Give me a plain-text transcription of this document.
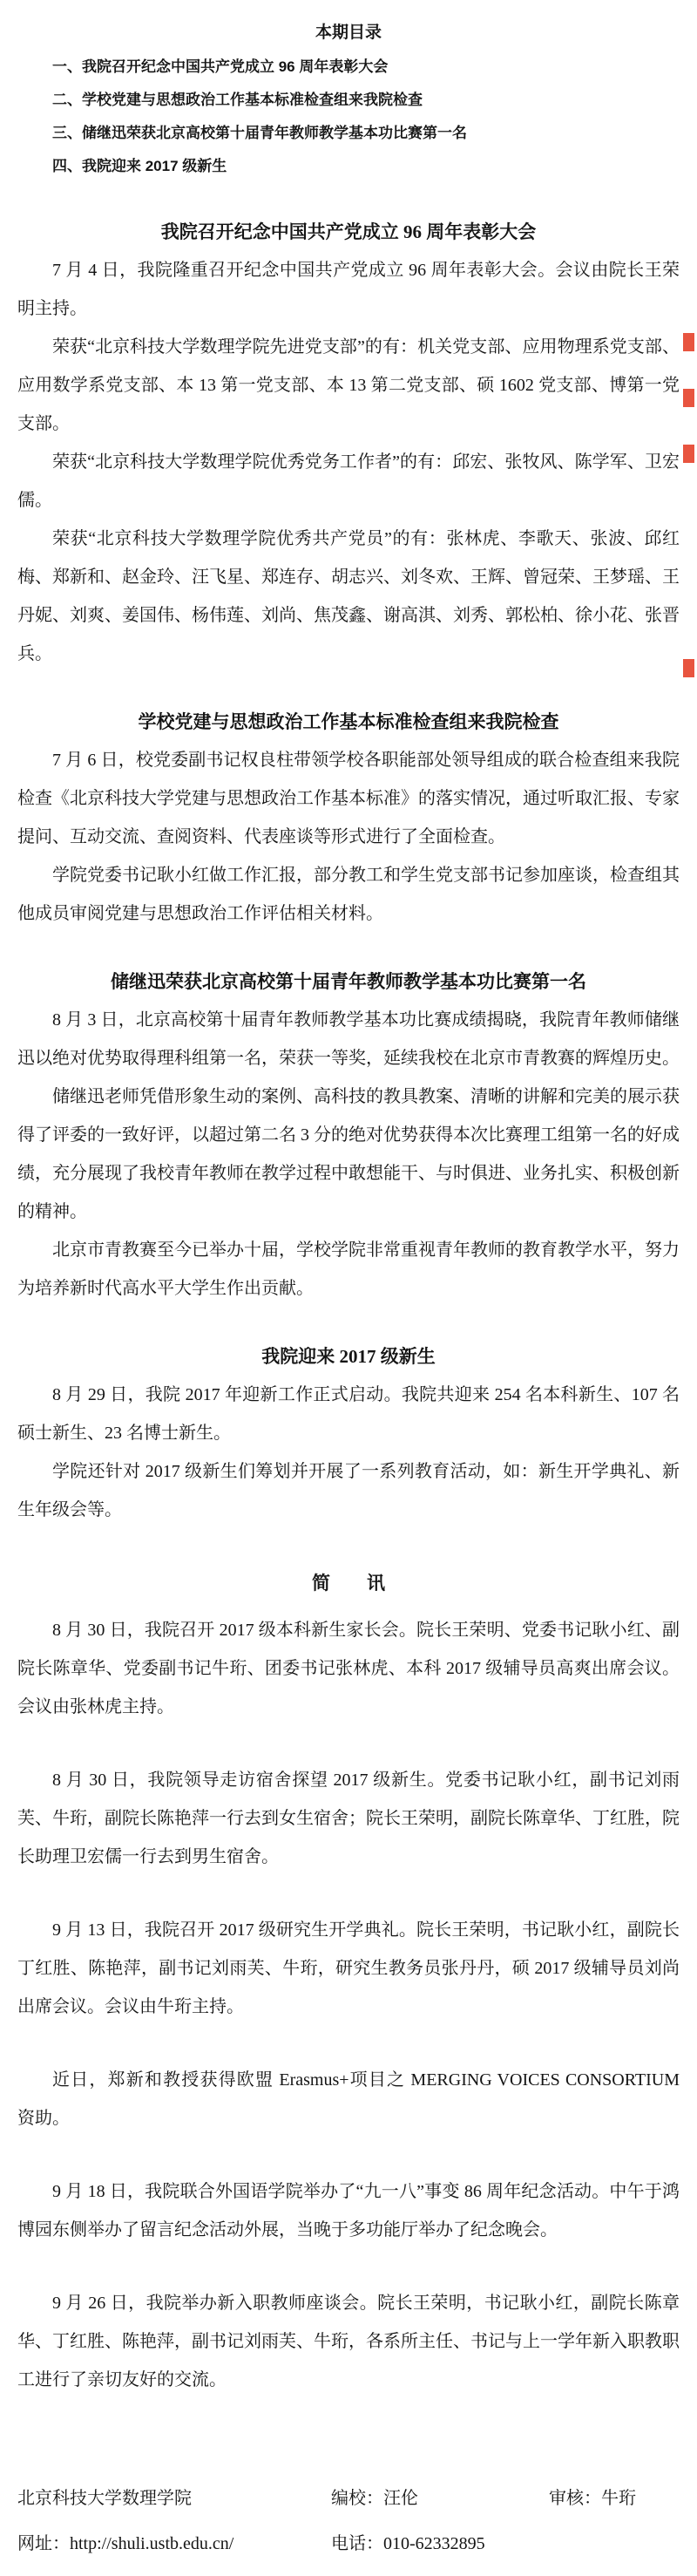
本期目录
一、我院召开纪念中国共产党成立 96 周年表彰大会
二、学校党建与思想政治工作基本标准检查组来我院检查
三、储继迅荣获北京高校第十届青年教师教学基本功比赛第一名
四、我院迎来 2017 级新生
我院召开纪念中国共产党成立 96 周年表彰大会

7 月 4 日，我院隆重召开纪念中国共产党成立 96 周年表彰大会。会议由院长王荣明主持。

荣获“北京科技大学数理学院先进党支部”的有：机关党支部、应用物理系党支部、应用数学系党支部、本 13 第一党支部、本 13 第二党支部、硕 1602 党支部、博第一党支部。

荣获“北京科技大学数理学院优秀党务工作者”的有：邱宏、张牧风、陈学军、卫宏儒。

荣获“北京科技大学数理学院优秀共产党员”的有：张林虎、李歌天、张波、邱红梅、郑新和、赵金玲、汪飞星、郑连存、胡志兴、刘冬欢、王辉、曾冠荣、王梦瑶、王丹妮、刘爽、姜国伟、杨伟莲、刘尚、焦茂鑫、谢高淇、刘秀、郭松柏、徐小花、张晋兵。

学校党建与思想政治工作基本标准检查组来我院检查

7 月 6 日，校党委副书记权良柱带领学校各职能部处领导组成的联合检查组来我院检查《北京科技大学党建与思想政治工作基本标准》的落实情况，通过听取汇报、专家提问、互动交流、查阅资料、代表座谈等形式进行了全面检查。

学院党委书记耿小红做工作汇报，部分教工和学生党支部书记参加座谈，检查组其他成员审阅党建与思想政治工作评估相关材料。

储继迅荣获北京高校第十届青年教师教学基本功比赛第一名

8 月 3 日，北京高校第十届青年教师教学基本功比赛成绩揭晓，我院青年教师储继迅以绝对优势取得理科组第一名，荣获一等奖，延续我校在北京市青教赛的辉煌历史。

储继迅老师凭借形象生动的案例、高科技的教具教案、清晰的讲解和完美的展示获得了评委的一致好评，以超过第二名 3 分的绝对优势获得本次比赛理工组第一名的好成绩，充分展现了我校青年教师在教学过程中敢想能干、与时俱进、业务扎实、积极创新的精神。

北京市青教赛至今已举办十届，学校学院非常重视青年教师的教育教学水平，努力为培养新时代高水平大学生作出贡献。

我院迎来 2017 级新生

8 月 29 日，我院 2017 年迎新工作正式启动。我院共迎来 254 名本科新生、107 名硕士新生、23 名博士新生。

学院还针对 2017 级新生们筹划并开展了一系列教育活动，如：新生开学典礼、新生年级会等。

简　　讯

8 月 30 日，我院召开 2017 级本科新生家长会。院长王荣明、党委书记耿小红、副院长陈章华、党委副书记牛珩、团委书记张林虎、本科 2017 级辅导员高爽出席会议。会议由张林虎主持。

8 月 30 日，我院领导走访宿舍探望 2017 级新生。党委书记耿小红，副书记刘雨芙、牛珩，副院长陈艳萍一行去到女生宿舍；院长王荣明，副院长陈章华、丁红胜，院长助理卫宏儒一行去到男生宿舍。

9 月 13 日，我院召开 2017 级研究生开学典礼。院长王荣明，书记耿小红，副院长丁红胜、陈艳萍，副书记刘雨芙、牛珩，研究生教务员张丹丹，硕 2017 级辅导员刘尚出席会议。会议由牛珩主持。

近日，郑新和教授获得欧盟 Erasmus+项目之 MERGING VOICES CONSORTIUM 资助。

9 月 18 日，我院联合外国语学院举办了“九一八”事变 86 周年纪念活动。中午于鸿博园东侧举办了留言纪念活动外展，当晚于多功能厅举办了纪念晚会。

9 月 26 日，我院举办新入职教师座谈会。院长王荣明，书记耿小红，副院长陈章华、丁红胜、陈艳萍，副书记刘雨芙、牛珩，各系所主任、书记与上一学年新入职教职工进行了亲切友好的交流。

北京科技大学数理学院	编校：汪伦	审核：牛珩
网址：http://shuli.ustb.edu.cn/	电话：010-62332895
